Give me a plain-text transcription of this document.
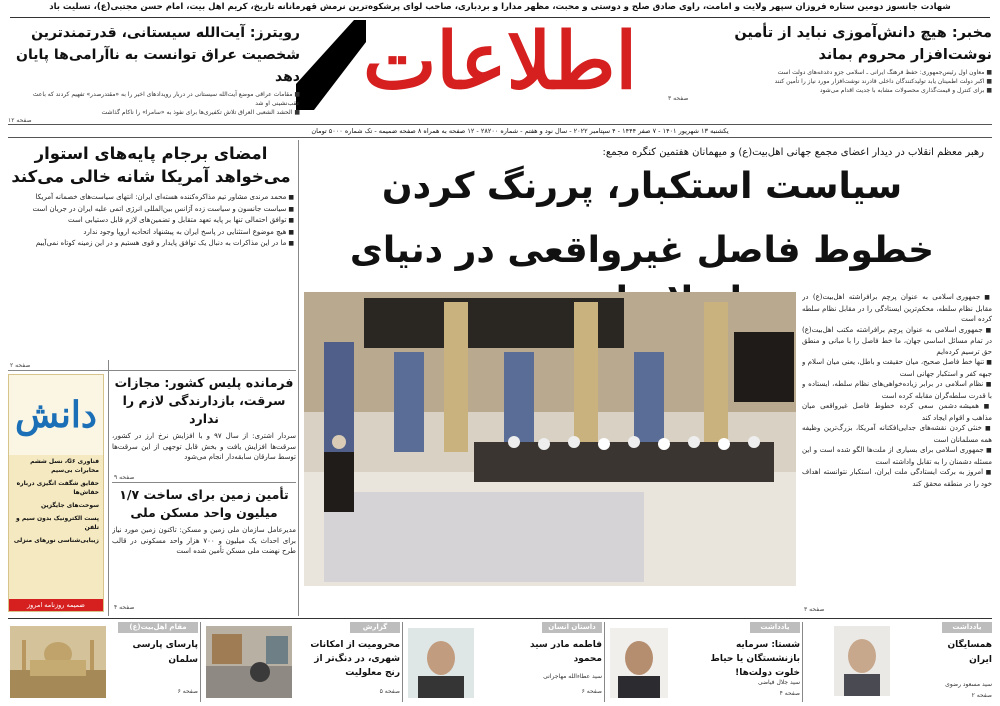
شهادت جانسوز دومین ستاره فروزان سپهر ولایت و امامت، راوی صادق صلح و دوستی و محبت، مظهر مدارا و بردباری، صاحب لوای پرشکوه‌ترین نرمش قهرمانانه تاریخ، کریم اهل بیت، امام حسن مجتبی(ع)، تسلیت باد
اطلاعات	مخبر: هیچ دانش‌آموزی نباید از تأمین نوشت‌افزار محروم بماند
■ معاون اول رئیس‌جمهوری: حفظ فرهنگ ایرانی ـ اسلامی جزو دغدغه‌های دولت است
■ اکبر دولت اطمینان یابد تولیدکنندگان داخلی قادرند نوشت‌افزار مورد نیاز را تأمین کنند
■ برای کنترل و قیمت‌گذاری محصولات مشابه با جدیت اقدام می‌شود
صفحه ۳
رویترز: آیت‌الله سیستانی، قدرتمندترین شخصیت عراق توانست به ناآرامی‌ها پایان دهد
■ مقامات عراقی موضع آیت‌الله سیستانی در دربار رویدادهای اخیر را به «مقتدرصدر» تفهیم کردند که باعث عقب‌نشینی او شد
■ الحشد الشعبی العراق تلاش تکفیری‌ها برای نفوذ به «سامرا» را ناکام گذاشت
صفحه ۱۲
یکشنبه ۱۳ شهریور ۱۴۰۱ - ۷ صفر ۱۴۴۴ - ۴ سپتامبر ۲۰۲۲ - سال نود و هفتم - شماره ۲۸۲۰۰ - ۱۲ صفحه به همراه ۸ صفحه ضمیمه - تک شماره ۵۰۰۰ تومان
رهبر معظم انقلاب در دیدار اعضای مجمع جهانی اهل‌بیت(ع) و میهمانان هفتمین کنگره مجمع:
سیاست استکبار، پررنگ کردن
خطوط فاصل غیرواقعی در دنیای
■ جمهوری اسلامی به عنوان پرچم برافراشته اهل‌بیت(ع) در مقابل نظام سلطه، محکم‌ترین ایستادگی را در مقابل نظام سلطه کرده است
■ جمهوری اسلامی به عنوان پرچم برافراشته مکتب اهل‌بیت(ع) در تمام مسائل اساسی جهان، ما خط فاصل را با مبانی و منطق حق ترسیم کرده‌ایم
■ تنها خط فاصل صحیح، میان حقیقت و باطل، یعنی میان اسلام و جبهه کفر و استکبار جهانی است
■ نظام اسلامی در برابر زیاده‌خواهی‌های نظام سلطه، ایستاده و با قدرت سلطه‌گران مقابله کرده است
■ همیشه دشمن سعی کرده خطوط فاصل غیرواقعی میان مذاهب و اقوام ایجاد کند
■ خنثی کردن نقشه‌های جدایی‌افکنانه آمریکا، بزرگ‌ترین وظیفه همه مسلمانان است
■ جمهوری اسلامی برای بسیاری از ملت‌ها الگو شده است و این مسئله دشمنان را به تقابل واداشته است
■ امروز به برکت ایستادگی ملت ایران، استکبار نتوانسته اهداف خود را در منطقه محقق کند
صفحه ۳
امضای برجام پایه‌های استوار می‌خواهد آمریکا شانه خالی می‌کند
■ محمد مرندی مشاور تیم مذاکره‌کننده هسته‌ای ایران: انتهای سیاست‌های خصمانه آمریکا
■ سیاست جانسون و سیاست زده آژانس بین‌المللی انرژی اتمی علیه ایران در جریان است
■ توافق احتمالی تنها بر پایه تعهد متقابل و تضمین‌های لازم قابل دستیابی است
■ هیچ موضوع استثنایی در پاسخ ایران به پیشنهاد اتحادیه اروپا وجود ندارد
■ ما در این مذاکرات به دنبال یک توافق پایدار و قوی هستیم و در این زمینه کوتاه نمی‌آییم
صفحه ۲
فرمانده پلیس کشور: مجازات سرقت، بازدارندگی لازم را ندارد
سردار اشتری: از سال ۹۷ و با افزایش نرخ ارز در کشور، سرقت‌ها افزایش یافت و بخش قابل توجهی از این سرقت‌ها توسط سارقان سابقه‌دار انجام می‌شود
صفحه ۹
تأمین زمین برای ساخت ۱/۷ میلیون واحد مسکن ملی
مدیرعامل سازمان ملی زمین و مسکن: تاکنون زمین مورد نیاز برای احداث یک میلیون و ۷۰۰ هزار واحد مسکونی در قالب طرح نهضت ملی مسکن تأمین شده است
صفحه ۴
دانش
فناوری G۶، نسل ششم مخابرات بی‌سیم
حقایق شگفت انگیزی درباره خفاش‌ها
سوخت‌های جایگزین
پست الکترونیک بدون سیم و تلفن
زیبایی‌شناسی نورهای منزلی
ضمیمه روزنامه امروز
یادداشت
همسایگان ایران
سید مسعود رضوی
صفحه ۲
یادداشت
شستا: سرمایه بازنشستگان یا حیاط خلوت دولت‌ها!
سید جلال فیاضی
صفحه ۴
داستان انسان
فاطمه مادر سید محمود
سید عطاءالله مهاجرانی
صفحه ۶
گزارش
محرومیت از امکانات شهری، در دنگ‌تر از رنج معلولیت
صفحه ۵
مقام اهل‌بیت(ع)
پارسای پارسی سلمان
صفحه ۶
